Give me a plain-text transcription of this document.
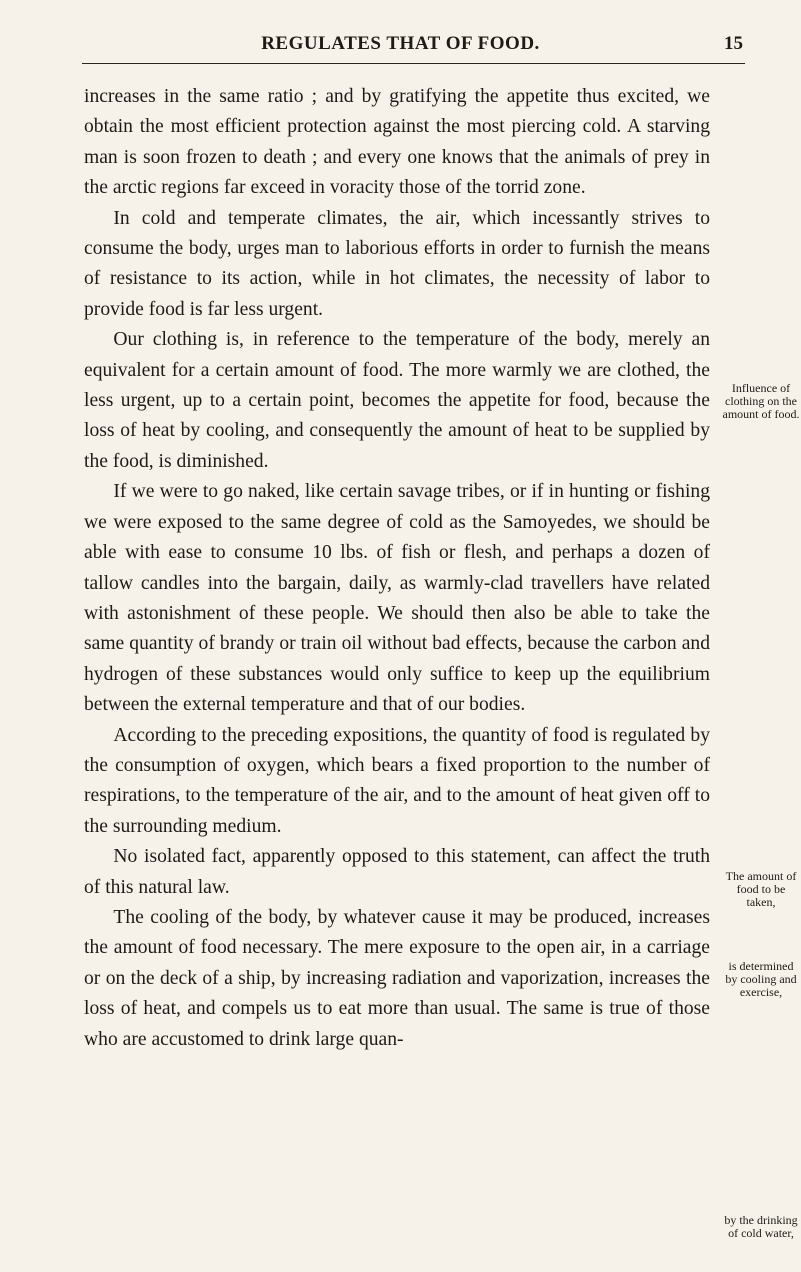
REGULATES THAT OF FOOD.	15

increases in the same ratio ; and by gratifying the appetite thus excited, we obtain the most efficient protection against the most piercing cold. A starving man is soon frozen to death ; and every one knows that the animals of prey in the arctic regions far exceed in voracity those of the torrid zone.

In cold and temperate climates, the air, which incessantly strives to consume the body, urges man to laborious efforts in order to furnish the means of resistance to its action, while in hot climates, the necessity of labor to provide food is far less urgent.

Our clothing is, in reference to the temperature of the body, merely an equivalent for a certain amount of food. The more warmly we are clothed, the less urgent, up to a certain point, becomes the appetite for food, because the loss of heat by cooling, and consequently the amount of heat to be supplied by the food, is diminished.

If we were to go naked, like certain savage tribes, or if in hunting or fishing we were exposed to the same degree of cold as the Samoyedes, we should be able with ease to consume 10 lbs. of fish or flesh, and perhaps a dozen of tallow candles into the bargain, daily, as warmly-clad travellers have related with astonishment of these people. We should then also be able to take the same quantity of brandy or train oil without bad effects, because the carbon and hydrogen of these substances would only suffice to keep up the equilibrium between the external temperature and that of our bodies.

According to the preceding expositions, the quantity of food is regulated by the consumption of oxygen, which bears a fixed proportion to the number of respirations, to the temperature of the air, and to the amount of heat given off to the surrounding medium.

No isolated fact, apparently opposed to this statement, can affect the truth of this natural law.

The cooling of the body, by whatever cause it may be produced, increases the amount of food necessary. The mere exposure to the open air, in a carriage or on the deck of a ship, by increasing radiation and vaporization, increases the loss of heat, and compels us to eat more than usual. The same is true of those who are accustomed to drink large quan-

Influence of clothing on the amount of food.
The amount of food to be taken,
is determined by cooling and exercise,
by the drinking of cold water,
